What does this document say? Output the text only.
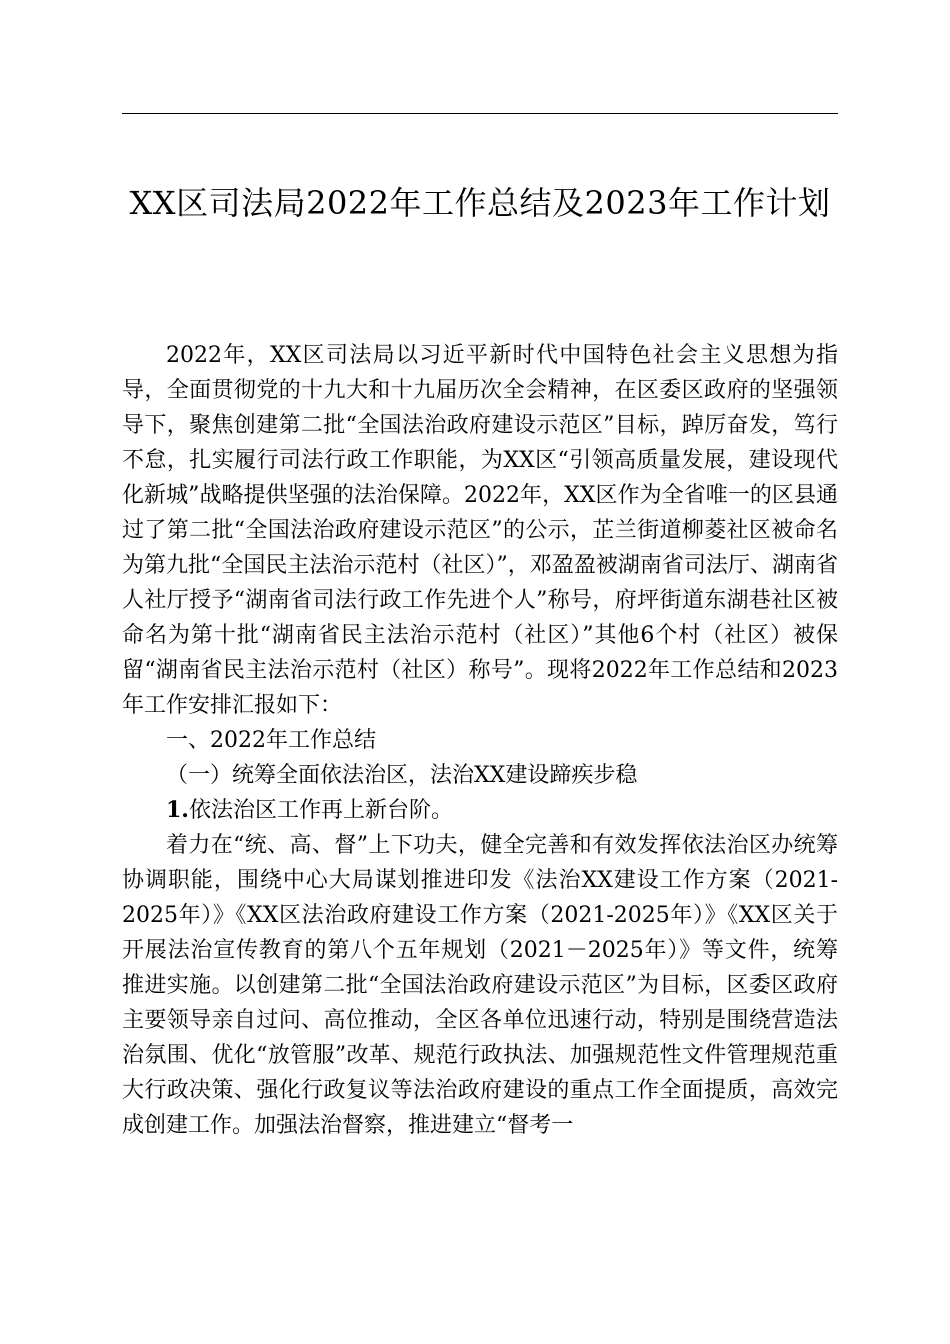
XX区司法局2022年工作总结及2023年工作计划

2022年，XX区司法局以习近平新时代中国特色社会主义思想为指导，全面贯彻党的十九大和十九届历次全会精神，在区委区政府的坚强领导下，聚焦创建第二批“全国法治政府建设示范区”目标，踔厉奋发，笃行不怠，扎实履行司法行政工作职能，为XX区“引领高质量发展，建设现代化新城”战略提供坚强的法治保障。2022年，XX区作为全省唯一的区县通过了第二批“全国法治政府建设示范区”的公示，芷兰街道柳菱社区被命名为第九批“全国民主法治示范村（社区）”，邓盈盈被湖南省司法厅、湖南省人社厅授予“湖南省司法行政工作先进个人”称号，府坪街道东湖巷社区被命名为第十批“湖南省民主法治示范村（社区）”其他6个村（社区）被保留“湖南省民主法治示范村（社区）称号”。现将2022年工作总结和2023年工作安排汇报如下：

一、2022年工作总结

（一）统筹全面依法治区，法治XX建设蹄疾步稳

1.依法治区工作再上新台阶。

着力在“统、高、督”上下功夫，健全完善和有效发挥依法治区办统筹协调职能，围绕中心大局谋划推进印发《法治XX建设工作方案（2021-2025年）》《XX区法治政府建设工作方案（2021-2025年）》《XX区关于开展法治宣传教育的第八个五年规划（2021－2025年）》等文件，统筹推进实施。以创建第二批“全国法治政府建设示范区”为目标，区委区政府主要领导亲自过问、高位推动，全区各单位迅速行动，特别是围绕营造法治氛围、优化“放管服”改革、规范行政执法、加强规范性文件管理规范重大行政决策、强化行政复议等法治政府建设的重点工作全面提质，高效完成创建工作。加强法治督察，推进建立“督考一
